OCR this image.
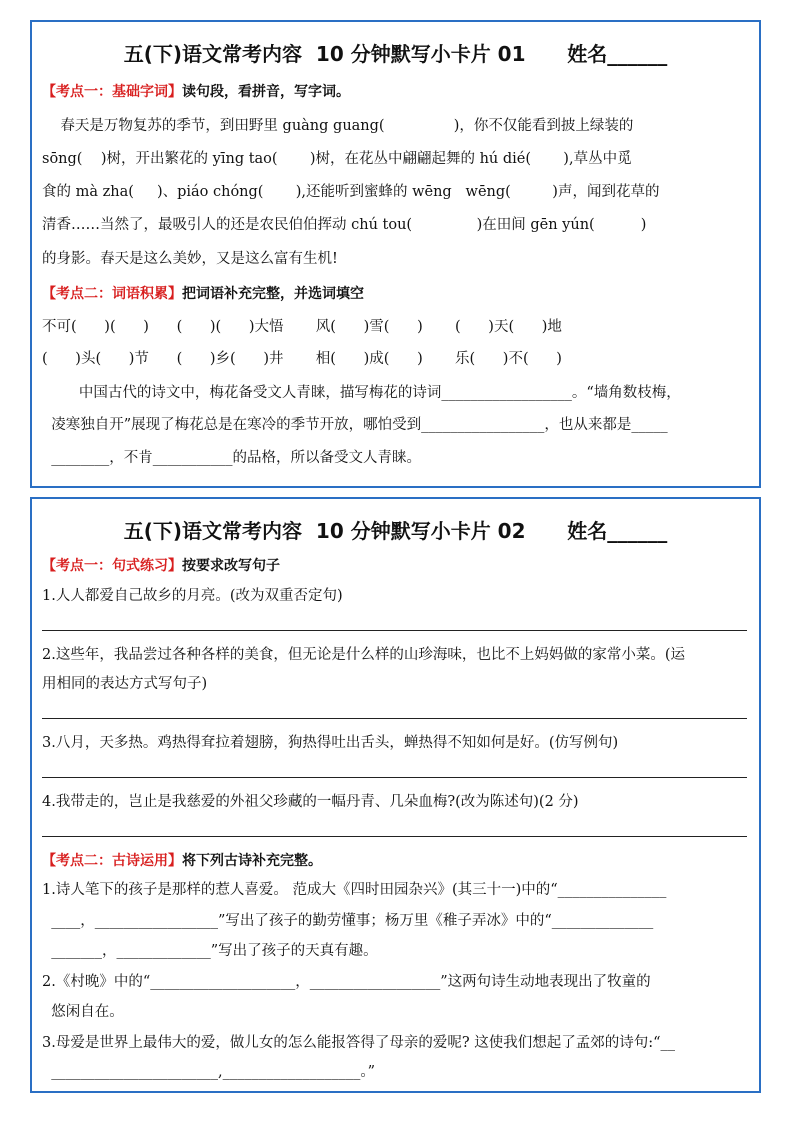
五(下)语文常考内容  10 分钟默写小卡片 01      姓名______
【考点一：基础字词】读句段，看拼音，写字词。
春天是万物复苏的季节，到田野里 guàng guang(               )，你不仅能看到披上绿装的
sōng(    )树，开出繁花的 yīng tao(       )树，在花丛中翩翩起舞的 hú dié(       ),草丛中觅
食的 mà zha(     )、piáo chóng(       ),还能听到蜜蜂的 wēng   wēng(         )声，闻到花草的
清香……当然了，最吸引人的还是农民伯伯挥动 chú tou(              )在田间 gēn yún(          )
的身影。春天是这么美妙，又是这么富有生机!
【考点二：词语积累】把词语补充完整，并选词填空
不可(      )(      )      (      )(      )大悟       风(      )雪(      )       (      )天(      )地
(      )头(      )节      (      )乡(      )井       相(      )成(      )       乐(      )不(      )
中国古代的诗文中，梅花备受文人青睐，描写梅花的诗词__________________。“墙角数枝梅，
凌寒独自开”展现了梅花总是在寒冷的季节开放，哪怕受到_________________，也从来都是_____
________，不肯___________的品格，所以备受文人青睐。
五(下)语文常考内容  10 分钟默写小卡片 02      姓名______
【考点一：句式练习】按要求改写句子
1.人人都爱自己故乡的月亮。(改为双重否定句)
2.这些年，我品尝过各种各样的美食，但无论是什么样的山珍海味，也比不上妈妈做的家常小菜。(运
用相同的表达方式写句子)
3.八月，天多热。鸡热得耷拉着翅膀，狗热得吐出舌头，蝉热得不知如何是好。(仿写例句)
4.我带走的，岂止是我慈爱的外祖父珍藏的一幅丹青、几朵血梅?(改为陈述句)(2 分)
【考点二：古诗运用】将下列古诗补充完整。
1.诗人笔下的孩子是那样的惹人喜爱。 范成大《四时田园杂兴》(其三十一)中的“_______________
____，_________________”写出了孩子的勤劳懂事；杨万里《稚子弄冰》中的“______________
_______，_____________”写出了孩子的天真有趣。
2.《村晚》中的“____________________，__________________”这两句诗生动地表现出了牧童的
悠闲自在。
3.母爱是世界上最伟大的爱，做儿女的怎么能报答得了母亲的爱呢? 这使我们想起了孟郊的诗句:“__
_______________________,___________________。”
